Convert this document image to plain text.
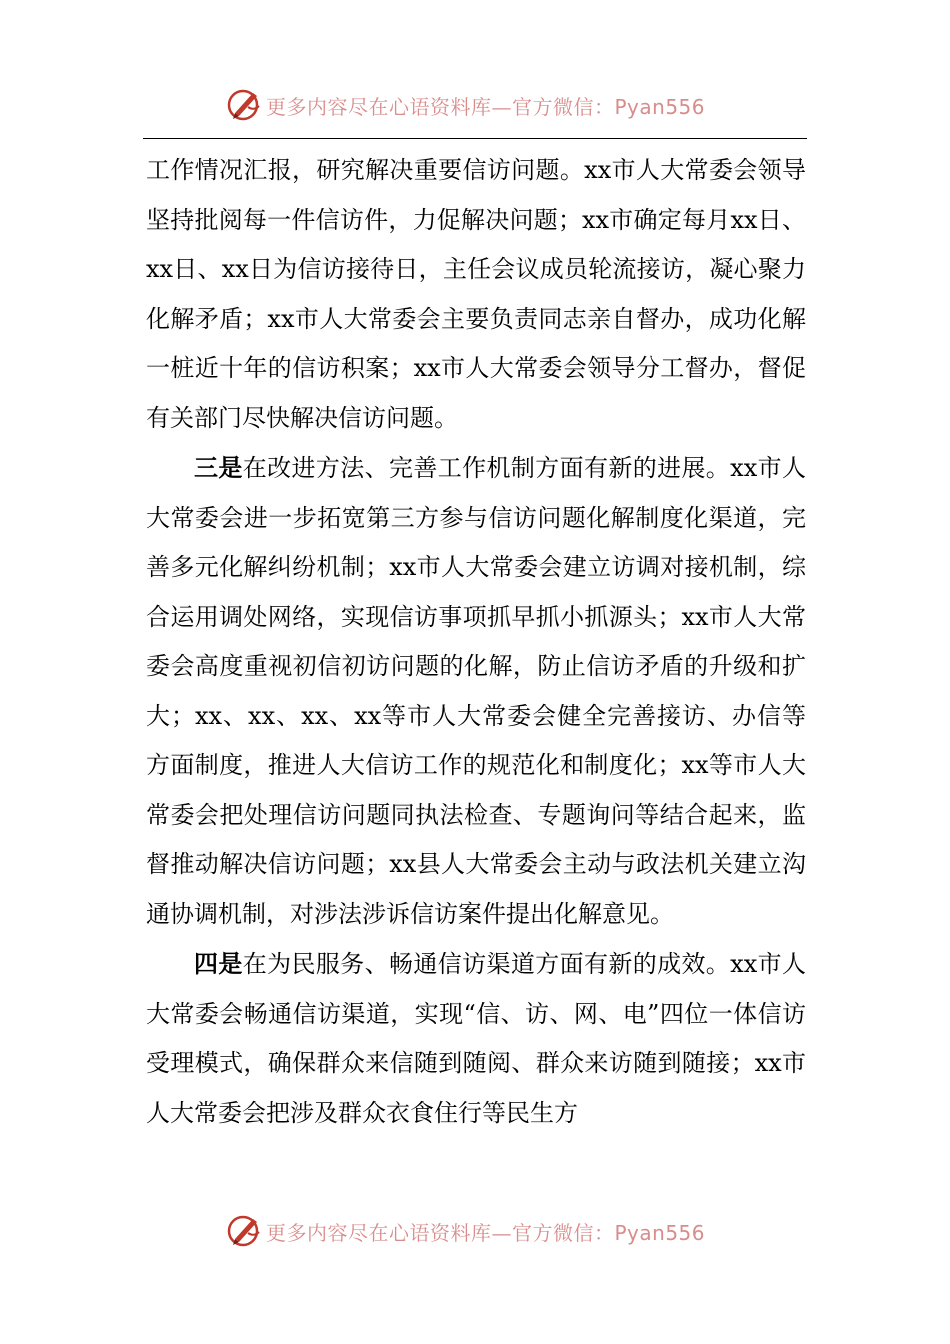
更多内容尽在心语资料库—官方微信：Pyan556

工作情况汇报，研究解决重要信访问题。xx市人大常委会领导坚持批阅每一件信访件，力促解决问题；xx市确定每月xx日、xx日、xx日为信访接待日，主任会议成员轮流接访，凝心聚力化解矛盾；xx市人大常委会主要负责同志亲自督办，成功化解一桩近十年的信访积案；xx市人大常委会领导分工督办，督促有关部门尽快解决信访问题。

三是在改进方法、完善工作机制方面有新的进展。xx市人大常委会进一步拓宽第三方参与信访问题化解制度化渠道，完善多元化解纠纷机制；xx市人大常委会建立访调对接机制，综合运用调处网络，实现信访事项抓早抓小抓源头；xx市人大常委会高度重视初信初访问题的化解，防止信访矛盾的升级和扩大；xx、xx、xx、xx等市人大常委会健全完善接访、办信等方面制度，推进人大信访工作的规范化和制度化；xx等市人大常委会把处理信访问题同执法检查、专题询问等结合起来，监督推动解决信访问题；xx县人大常委会主动与政法机关建立沟通协调机制，对涉法涉诉信访案件提出化解意见。

四是在为民服务、畅通信访渠道方面有新的成效。xx市人大常委会畅通信访渠道，实现“信、访、网、电”四位一体信访受理模式，确保群众来信随到随阅、群众来访随到随接；xx市人大常委会把涉及群众衣食住行等民生方

更多内容尽在心语资料库—官方微信：Pyan556
